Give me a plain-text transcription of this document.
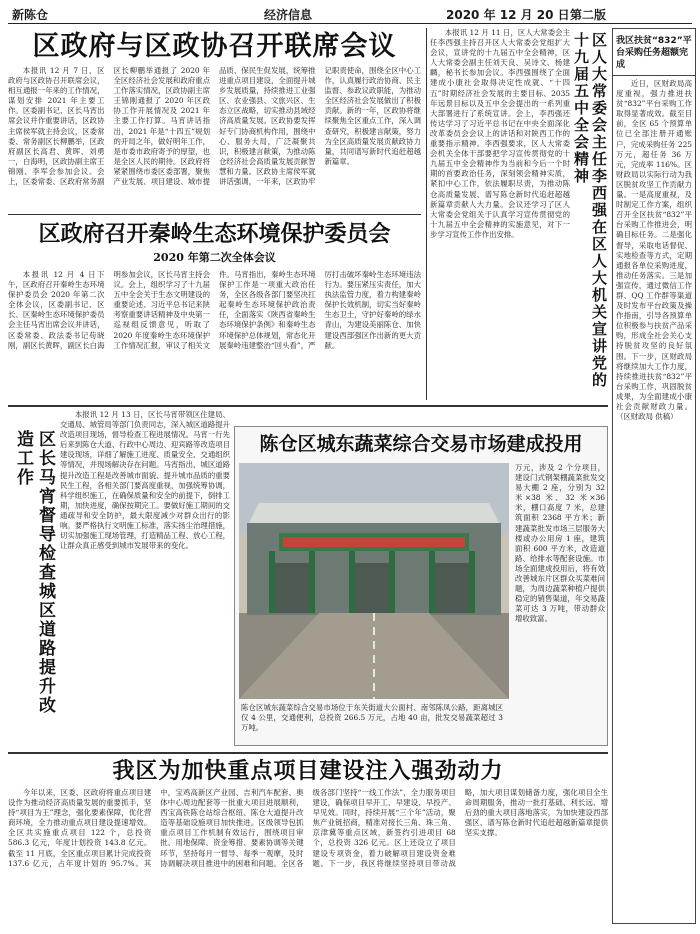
新陈仓	经济信息	2020 年 12 月 20 日 第二版
区政府与区政协召开联席会议
本报讯 12 月 7 日，区政府与区政协召开联席会议，相互通报一年来的工作情况，谋划安排 2021 年主要工作。区委副书记、区长马宵出席会议并作重要讲话，区政协主席侯军就主持会议，区委常委、常务副区长柳鹏举，区政府副区长高君、黄晖、刘勇一，白海明，区政协副主席王锦刚、李军会参加会议。会上，区委常委、区政府常务副区长柳鹏举通报了 2020 年全区经济社会发展和政府重点工作落实情况，区政协副主席王锦刚通报了 2020 年区政协工作开展情况及 2021 年主要工作打算。马宵讲话指出，2021 年是“十四五”规划的开局之年，做好明年工作，是市委市政府寄予的厚望，也是全区人民的期待。区政府将紧紧围绕市委区委部署，聚焦产业发展、项目建设、城市提品质、保民生促发展，统筹推进重点项目建设，全面提升城乡发展质量，持续推进工业强区、农业强县、文旅兴区、生态立区战略，切实推动县域经济高质量发展。区政协要发挥好专门协商机构作用，围绕中心、服务大局，广泛凝聚共识，积极建言献策，为推动陈仓经济社会高质量发展贡献智慧和力量。区政协主席侯军就讲话强调，一年来，区政协牢记职责使命，围绕全区中心工作，认真履行政治协商、民主监督、参政议政职能，为推动全区经济社会发展做出了积极贡献。新的一年，区政协将继续聚焦全区重点工作，深入调查研究，积极建言献策，努力为全区高质量发展贡献政协力量，共同谱写新时代追赶超越新篇章。
区政府召开秦岭生态环境保护委员会
2020 年第二次全体会议
本报讯 12 月 4 日下午，区政府召开秦岭生态环境保护委员会 2020 年第二次全体会议，区委副书记、区长、区秦岭生态环境保护委员会主任马宵出席会议并讲话，区委常委、政法委书记苟晓刚，副区长黄晖，副区长白海明参加会议，区长马宵主持会议。会上，组织学习了十九届五中全会关于生态文明建设的重要论述、习近平总书记来陕考察重要讲话精神及中央第一巡视组反馈意见，听取了 2020 年度秦岭生态环境保护工作情况汇报，审议了相关文件。马宵指出，秦岭生态环境保护工作是一项重大政治任务，全区各级各部门要坚决扛起秦岭生态环境保护政治责任，全面落实《陕西省秦岭生态环境保护条例》和秦岭生态环境保护总体规划，常态化开展秦岭违建整治“回头看”，严厉打击破坏秦岭生态环境违法行为。要压紧压实责任，加大执法监管力度，着力构建秦岭保护长效机制，切实当好秦岭生态卫士，守护好秦岭的绿水青山，为建设美丽陈仓、加快建设西部强区作出新的更大贡献。
本报讯 12 月 11 日，区人大常委会主任李西强主持召开区人大常委会党组扩大会议，宣讲党的十九届五中全会精神，区人大常委会副主任刘天良、吴诗文、杨建麟，秘书长参加会议。李西强围绕了全面建成小康社会取得决定性成就、“十四五”时期经济社会发展的主要目标、2035 年远景目标以及五中全会提出的一系列重大部署进行了系统宣讲。会上，李西强还传达学习了习近平总书记在中央全面深化改革委员会会议上的讲话和对陕西工作的重要指示精神。李西强要求，区人大常委会机关全体干部要把学习宣传贯彻党的十九届五中全会精神作为当前和今后一个时期的首要政治任务，深刻领会精神实质，紧扣中心工作，依法履职尽责，为推动陈仓高质量发展、谱写陈仓新时代追赶超越新篇章贡献人大力量。会议还学习了区人大常委会党组关于认真学习宣传贯彻党的十九届五中全会精神的实施意见，对下一步学习宣传工作作出安排。	区人大常委会主任李西强在区人大机关宣讲党的十九届五中全会精神
区长马宵督导检查城区道路提升改造工作
本报讯 12 月 13 日，区长马宵带领区住建局、交通局、城管局等部门负责同志，深入城区道路提升改造项目现场，督导检查工程进展情况。马宵一行先后来到陈仓大道、行政中心周边、迎宾路等改造项目建设现场，详细了解施工进度、质量安全、交通组织等情况，并现场解决存在问题。马宵指出，城区道路提升改造工程是改善城市面貌、提升城市品质的重要民生工程，各相关部门要高度重视，加强统筹协调，科学组织施工，在确保质量和安全的前提下，倒排工期，加快进度，确保按期完工。要做好施工期间的交通疏导和安全防护，最大限度减少对群众出行的影响。要严格执行文明施工标准，落实扬尘治理措施，切实加强施工现场管理，打造精品工程、放心工程，让群众真正感受到城市发展带来的变化。
陈仓区城东蔬菜综合交易市场建成投用
陈仓区城东蔬菜综合交易市场位于东关街道大公面村、南邻陈凤公路，距离城区仅 4 公里，交通便利，总投资 266.5 万元，占地 40 亩，批发交易蔬菜超过 3 万吨。
万元，涉及 2 个分项目，建设门式钢架棚蔬菜批发交易大棚 2 座，分别为 32 米×38 米、32 米×36 米，棚口高度 7 米，总建筑面积 2368 平方米；新建蔬菜批发市场三层服务大楼或办公用房 1 座，建筑面积 600 平方米，改造道路、给排水等配套设施。市场全面建成投用后，将有效改善城东片区群众买菜难问题，为周边蔬菜种植户提供稳定的销售渠道，年交易蔬菜可达 3 万吨，带动群众增收致富。
我区为加快重点项目建设注入强劲动力
今年以来，区委、区政府将重点项目建设作为推动经济高质量发展的重要抓手，坚持“项目为王”理念，强化要素保障，优化营商环境，全力推动重点项目建设提速增效。全区共实施重点项目 122 个，总投资 586.3 亿元，年度计划投资 143.8 亿元。截至 11 月底，全区重点项目累计完成投资 137.6 亿元，占年度计划的 95.7%。其中，宝鸡高新区产业园、吉利汽车配套、奥体中心周边配套等一批重大项目进展顺利，西宝高铁陈仓站综合枢纽、陈仓大道提升改造等基础设施项目加快推进。区级领导包抓重点项目工作机制有效运行，围绕项目审批、用地保障、资金筹措、要素协调等关键环节，坚持每月一督导、每季一观摩，及时协调解决项目推进中的困难和问题。全区各级各部门坚持“一线工作法”，全力服务项目建设，确保项目早开工、早建设、早投产、早见效。同时，持续开展“三个年”活动，聚焦产业链招商，精准对接长三角、珠三角、京津冀等重点区域，新签约引进项目 68 个，总投资 326 亿元。区上还设立了项目建设专项资金，着力破解项目建设资金难题。下一步，我区将继续坚持项目带动战略，加大项目谋划储备力度，强化项目全生命周期服务，推动一批打基础、利长远、增后劲的重大项目落地落实，为加快建设西部强区、谱写陈仓新时代追赶超越新篇章提供坚实支撑。
我区扶贫“832”平台采购任务超额完成
近日，区财政局高度重视，强力推进扶贫“832”平台采购工作取得显著成效。截至目前，全区 65 个预算单位已全部注册开通账户，完成采购任务 225 万元，超任务 36 万元，完成率 116%。区财政局以实际行动为我区脱贫攻坚工作贡献力量。一是高度重视，及时制定工作方案，组织召开全区扶贫“832”平台采购工作推进会，明确目标任务。二是强化督导，采取电话督促、实地检查等方式，定期通报各单位采购进度，推动任务落实。三是加强宣传，通过微信工作群、QQ 工作群等渠道及时发布平台政策及操作指南，引导各预算单位积极参与扶贫产品采购，形成全社会关心支持脱贫攻坚的良好氛围。下一步，区财政局将继续加大工作力度，持续推进扶贫“832”平台采购工作，巩固脱贫成果，为全面建成小康社会贡献财政力量。（区财政局 供稿）
